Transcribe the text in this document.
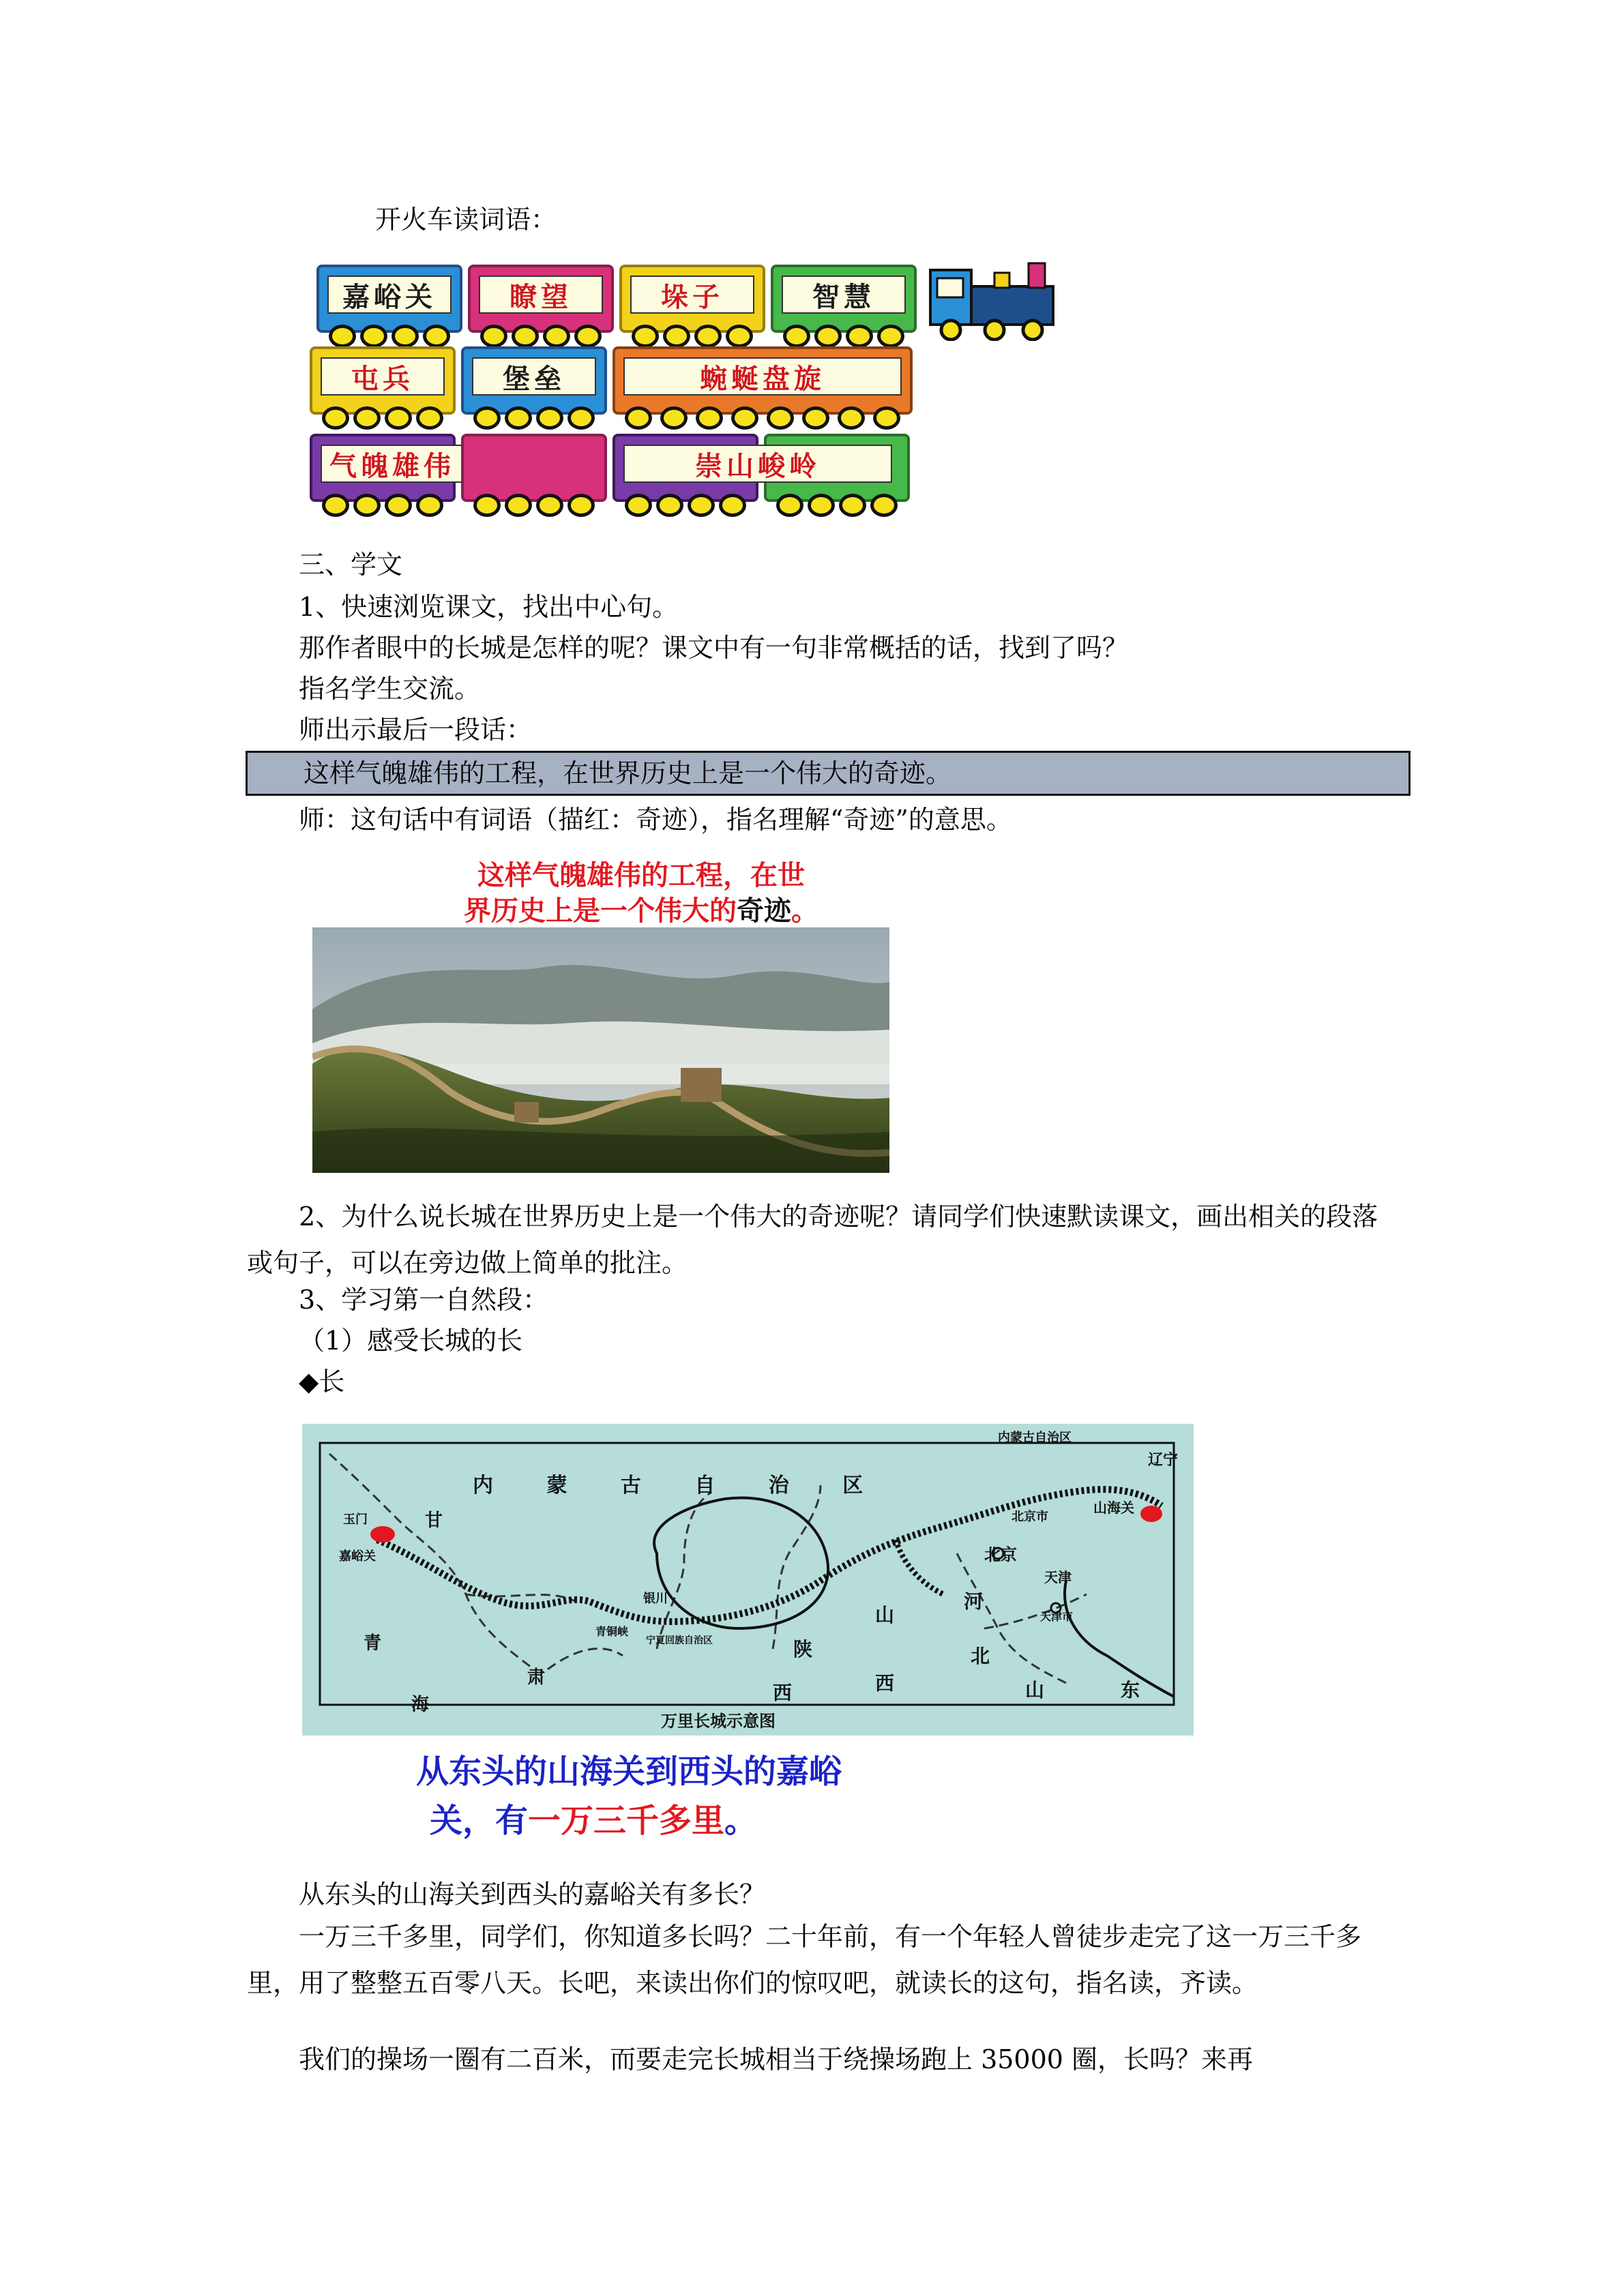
开火车读词语：
嘉峪关	瞭望	垛子	智慧
屯兵	堡垒	蜿蜒盘旋
气魄雄伟	崇山峻岭
三、学文
1、快速浏览课文，找出中心句。
那作者眼中的长城是怎样的呢？课文中有一句非常概括的话，找到了吗？
指名学生交流。
师出示最后一段话：
这样气魄雄伟的工程，在世界历史上是一个伟大的奇迹。
师：这句话中有词语（描红：奇迹），指名理解“奇迹”的意思。
这样气魄雄伟的工程，在世
界历史上是一个伟大的奇迹。
2、为什么说长城在世界历史上是一个伟大的奇迹呢？请同学们快速默读课文，画出相关的段落或句子，可以在旁边做上简单的批注。
3、学习第一自然段：
（1）感受长城的长
◆长
内 蒙 古 自 治 区
内蒙古自治区
辽宁
山海关
北京市
北京
天津
天津市
玉门
嘉峪关
青
海
甘
肃
银川
青铜峡
宁夏回族自治区
山
陕
西	西
河
北
山	东
万里长城示意图
从东头的山海关到西头的嘉峪
关，有一万三千多里。
从东头的山海关到西头的嘉峪关有多长？
一万三千多里，同学们，你知道多长吗？二十年前，有一个年轻人曾徒步走完了这一万三千多里，用了整整五百零八天。长吧，来读出你们的惊叹吧，就读长的这句，指名读，齐读。
我们的操场一圈有二百米，而要走完长城相当于绕操场跑上 35000 圈，长吗？来再
